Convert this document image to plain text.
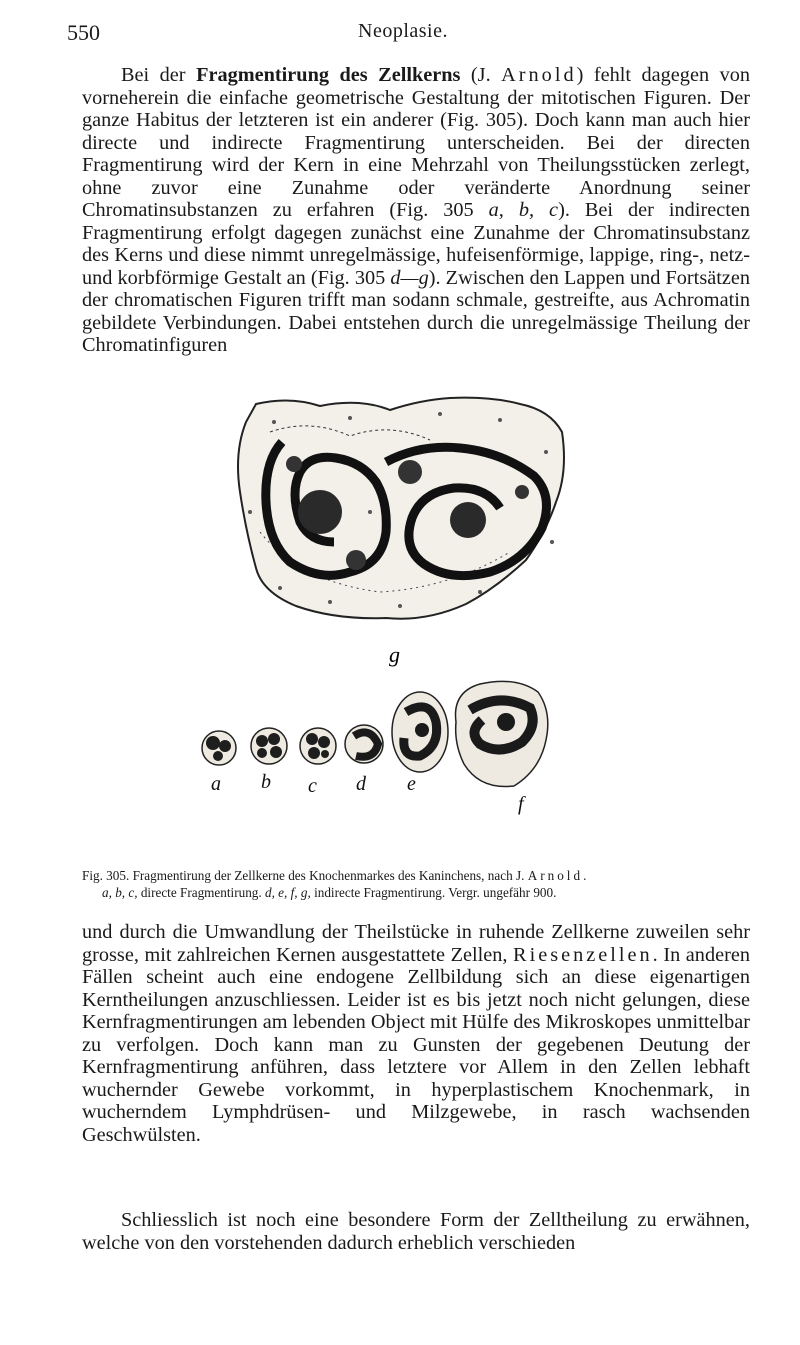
550	Neoplasie.

Bei der Fragmentirung des Zellkerns (J. Arnold) fehlt dagegen von vorneherein die einfache geometrische Gestaltung der mitotischen Figuren. Der ganze Habitus der letzteren ist ein anderer (Fig. 305). Doch kann man auch hier directe und indirecte Fragmentirung unterscheiden. Bei der directen Fragmentirung wird der Kern in eine Mehrzahl von Theilungsstücken zerlegt, ohne zuvor eine Zunahme oder veränderte Anordnung seiner Chromatinsubstanzen zu erfahren (Fig. 305 a, b, c). Bei der indirecten Fragmentirung erfolgt dagegen zunächst eine Zunahme der Chromatinsubstanz des Kerns und diese nimmt unregelmässige, hufeisenförmige, lappige, ring-, netz- und korbförmige Gestalt an (Fig. 305 d—g). Zwischen den Lappen und Fortsätzen der chromatischen Figuren trifft man sodann schmale, gestreifte, aus Achromatin gebildete Verbindungen. Dabei entstehen durch die unregelmässige Theilung der Chromatinfiguren

g
a b c d e
f

Fig. 305. Fragmentirung der Zellkerne des Knochenmarkes des Kaninchens, nach J. Arnold.

a, b, c, directe Fragmentirung. d, e, f, g, indirecte Fragmentirung. Vergr. ungefähr 900.

und durch die Umwandlung der Theilstücke in ruhende Zellkerne zuweilen sehr grosse, mit zahlreichen Kernen ausgestattete Zellen, Riesenzellen. In anderen Fällen scheint auch eine endogene Zellbildung sich an diese eigenartigen Kerntheilungen anzuschliessen. Leider ist es bis jetzt noch nicht gelungen, diese Kernfragmentirungen am lebenden Object mit Hülfe des Mikroskopes unmittelbar zu verfolgen. Doch kann man zu Gunsten der gegebenen Deutung der Kernfragmentirung anführen, dass letztere vor Allem in den Zellen lebhaft wuchernder Gewebe vorkommt, in hyperplastischem Knochenmark, in wucherndem Lymphdrüsen- und Milzgewebe, in rasch wachsenden Geschwülsten.

Schliesslich ist noch eine besondere Form der Zelltheilung zu erwähnen, welche von den vorstehenden dadurch erheblich verschieden
